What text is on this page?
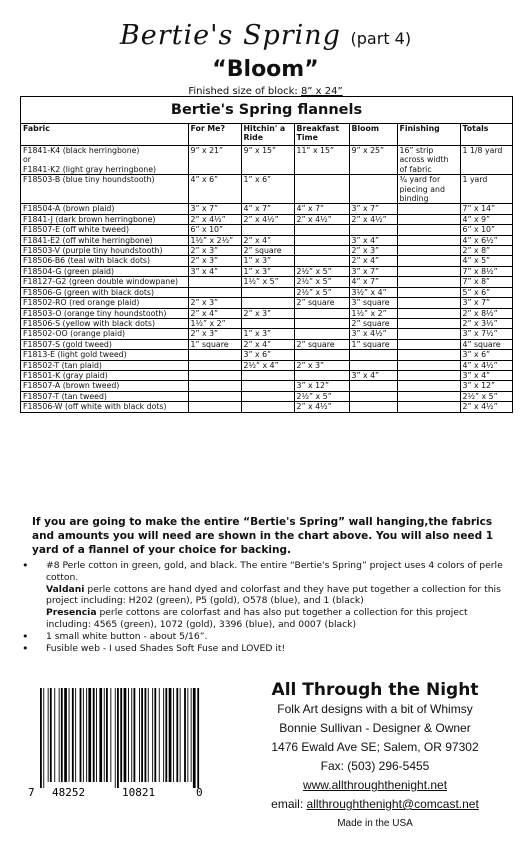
Bertie's Spring (part 4)
“Bloom”
Finished size of block: 8” x 24”
Bertie's Spring flannels
Fabric	For Me?	Hitchin' a Ride	Breakfast Time	Bloom	Finishing	Totals
F1841-K4 (black herringbone)
or
F1841-K2 (light gray herringbone)	9” x 21”	9” x 15”	11” x 15”	9” x 25”	16” strip across width of fabric	1 1/8 yard
F18503-B (blue tiny houndstooth)	4” x 6”	1” x 6”			¾ yard for piecing and binding	1 yard
F18504-A (brown plaid)	3” x 7”	4” x 7”	4” x 7”	3” x 7”		7” x 14”
F1841-J (dark brown herringbone)	2” x 4½”	2” x 4½”	2” x 4½”	2” x 4½”		4” x 9”
F18507-E (off white tweed)	6” x 10”					6” x 10”
F1841-E2 (off white herringbone)	1½” x 2½”	2” x 4”		3” x 4”		4” x 6½”
F18503-V (purple tiny houndstooth)	2” x 3”	2” square		2” x 3”		2” x 8”
F18506-B6 (teal with black dots)	2” x 3”	1” x 3”		2” x 4”		4” x 5”
F18504-G (green plaid)	3” x 4”	1” x 3”	2½” x 5”	3” x 7”		7” x 8½”
F18127-G2 (green double windowpane)		1½” x 5”	2½” x 5”	4” x 7”		7” x 8”
F18506-G (green with black dots)			2½” x 5”	3½” x 4”		5” x 6”
F18502-RO (red orange plaid)	2” x 3”		2” square	3” square		3” x 7”
F18503-O (orange tiny houndstooth)	2” x 4”	2” x 3”		1½” x 2”		2” x 8½”
F18506-S (yellow with black dots)	1½” x 2”			2” square		2” x 3½”
F18502-OO (orange plaid)	2” x 3”	1” x 3”		3” x 4½”		3” x 7½”
F18507-S (gold tweed)	1” square	2” x 4”	2” square	1” square		4” square
F1813-E (light gold tweed)		3” x 6”				3” x 6”
F18502-T (tan plaid)		2½” x 4”	2” x 3”			4” x 4½”
F18501-K (gray plaid)				3” x 4”		3” x 4”
F18507-A (brown tweed)			3” x 12”			3” x 12”
F18507-T (tan tweed)			2½” x 5”			2½” x 5”
F18506-W (off white with black dots)			2” x 4½”			2” x 4½”
If you are going to make the entire “Bertie's Spring” wall hanging,the fabrics and amounts you will need are shown in the chart above. You will also need 1 yard of a flannel of your choice for backing.
• #8 Perle cotton in green, gold, and black. The entire “Bertie's Spring” project uses 4 colors of perle cotton.
Valdani perle cottons are hand dyed and colorfast and they have put together a collection for this project including: H202 (green), P5 (gold), O578 (blue), and 1 (black)
Presencia perle cottons are colorfast and has also put together a collection for this project including: 4565 (green), 1072 (gold), 3396 (blue), and 0007 (black)
• 1 small white button - about 5/16”.
• Fusible web - I used Shades Soft Fuse and LOVED it!
7 48252	10821	0
All Through the Night
Folk Art designs with a bit of Whimsy
Bonnie Sullivan - Designer & Owner
1476 Ewald Ave SE; Salem, OR 97302
Fax: (503) 296-5455
www.allthroughthenight.net
email: allthroughthenight@comcast.net
Made in the USA
